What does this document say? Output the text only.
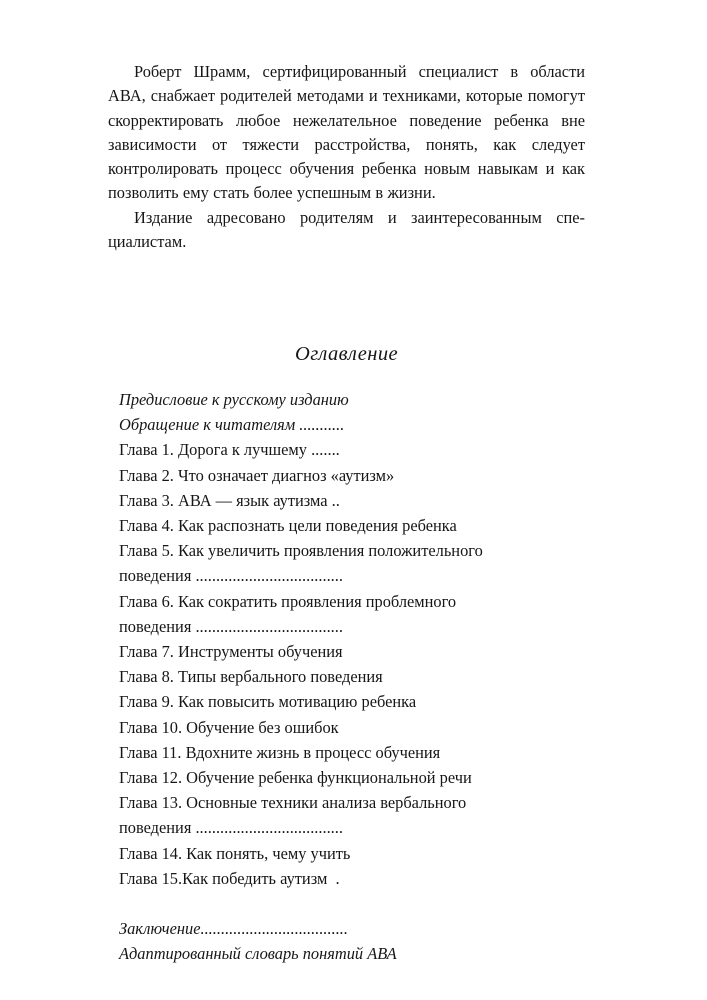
Роберт Шрамм, сертифицированный специалист в области АВА, снабжает родителей методами и техниками, которые помогут скорректировать любое нежелательное поведение ребенка вне зависимости от тяжести расстройства, понять, как следует контролировать процесс обучения ребенка новым навыкам и как позволить ему стать более успешным в жизни.

Издание адресовано родителям и заинтересованным спе-циалистам.

Оглавление
Предисловие к русскому изданию
Обращение к читателям ...........
Глава 1. Дорога к лучшему .......
Глава 2. Что означает диагноз «аутизм»
Глава 3. АВА — язык аутизма ..
Глава 4. Как распознать цели поведения ребенка
Глава 5. Как увеличить проявления положительного
поведения ....................................
Глава 6. Как сократить проявления проблемного
поведения ....................................
Глава 7. Инструменты обучения
Глава 8. Типы вербального поведения
Глава 9. Как повысить мотивацию ребенка
Глава 10. Обучение без ошибок
Глава 11. Вдохните жизнь в процесс обучения
Глава 12. Обучение ребенка функциональной речи
Глава 13. Основные техники анализа вербального
поведения ....................................
Глава 14. Как понять, чему учить
Глава 15.Как победить аутизм  .
Заключение....................................
Адаптированный словарь понятий АВА
